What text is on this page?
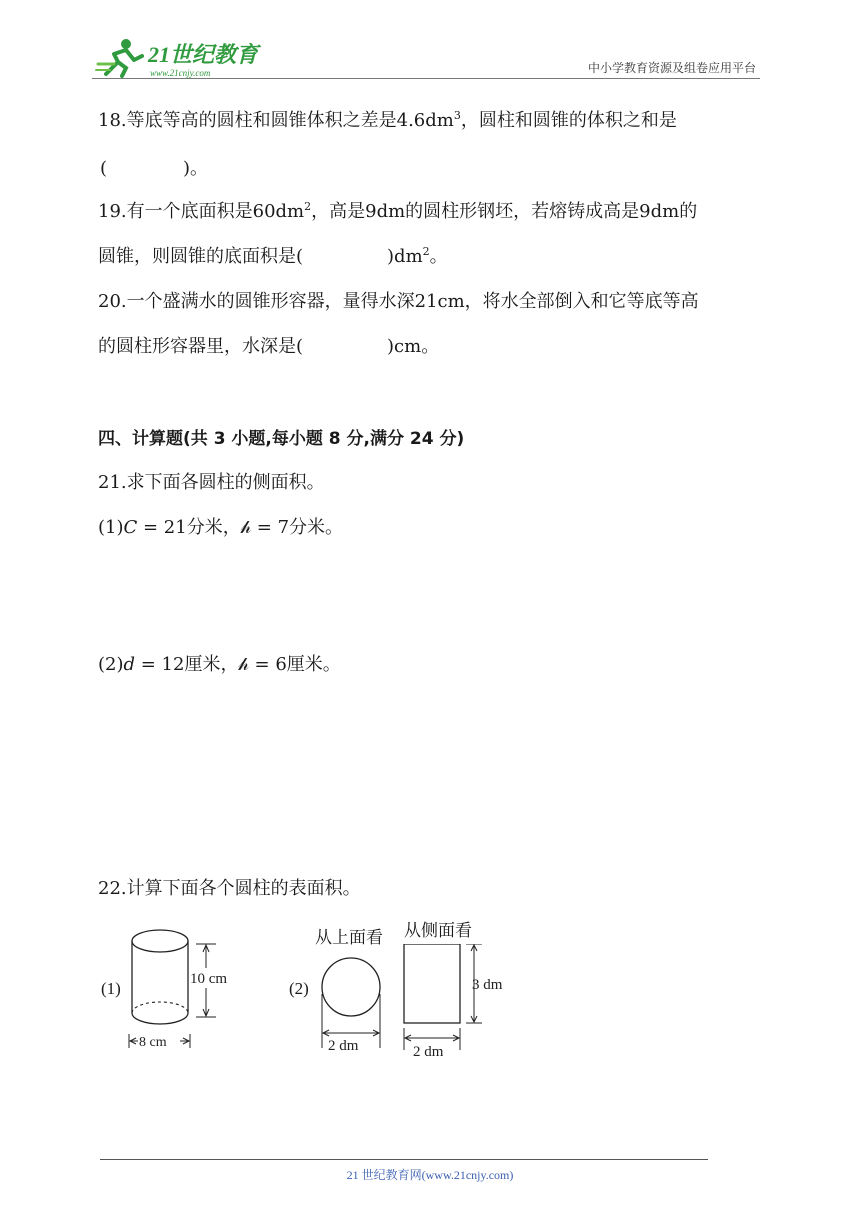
21世纪教育
www.21cnjy.com	中小学教育资源及组卷应用平台
18.等底等高的圆柱和圆锥体积之差是$4.6dm^3$，圆柱和圆锥的体积之和是
(	)。
19.有一个底面积是$60dm^2$，高是9dm的圆柱形钢坯，若熔铸成高是9dm的
圆锥，则圆锥的底面积是(	)$dm^2$。
20.一个盛满水的圆锥形容器，量得水深21cm，将水全部倒入和它等底等高
的圆柱形容器里，水深是(	)cm。
四、计算题(共 3 小题,每小题 8 分,满分 24 分)
21.求下面各圆柱的侧面积。
(1)𝐶 = 21分米，𝒽 = 7分米。
(2)𝑑 = 12厘米，𝒽 = 6厘米。
22.计算下面各个圆柱的表面积。
(1)	10 cm
8 cm
(2)
从上面看 从侧面看
2 dm
3 dm
2 dm
21 世纪教育网(www.21cnjy.com)
